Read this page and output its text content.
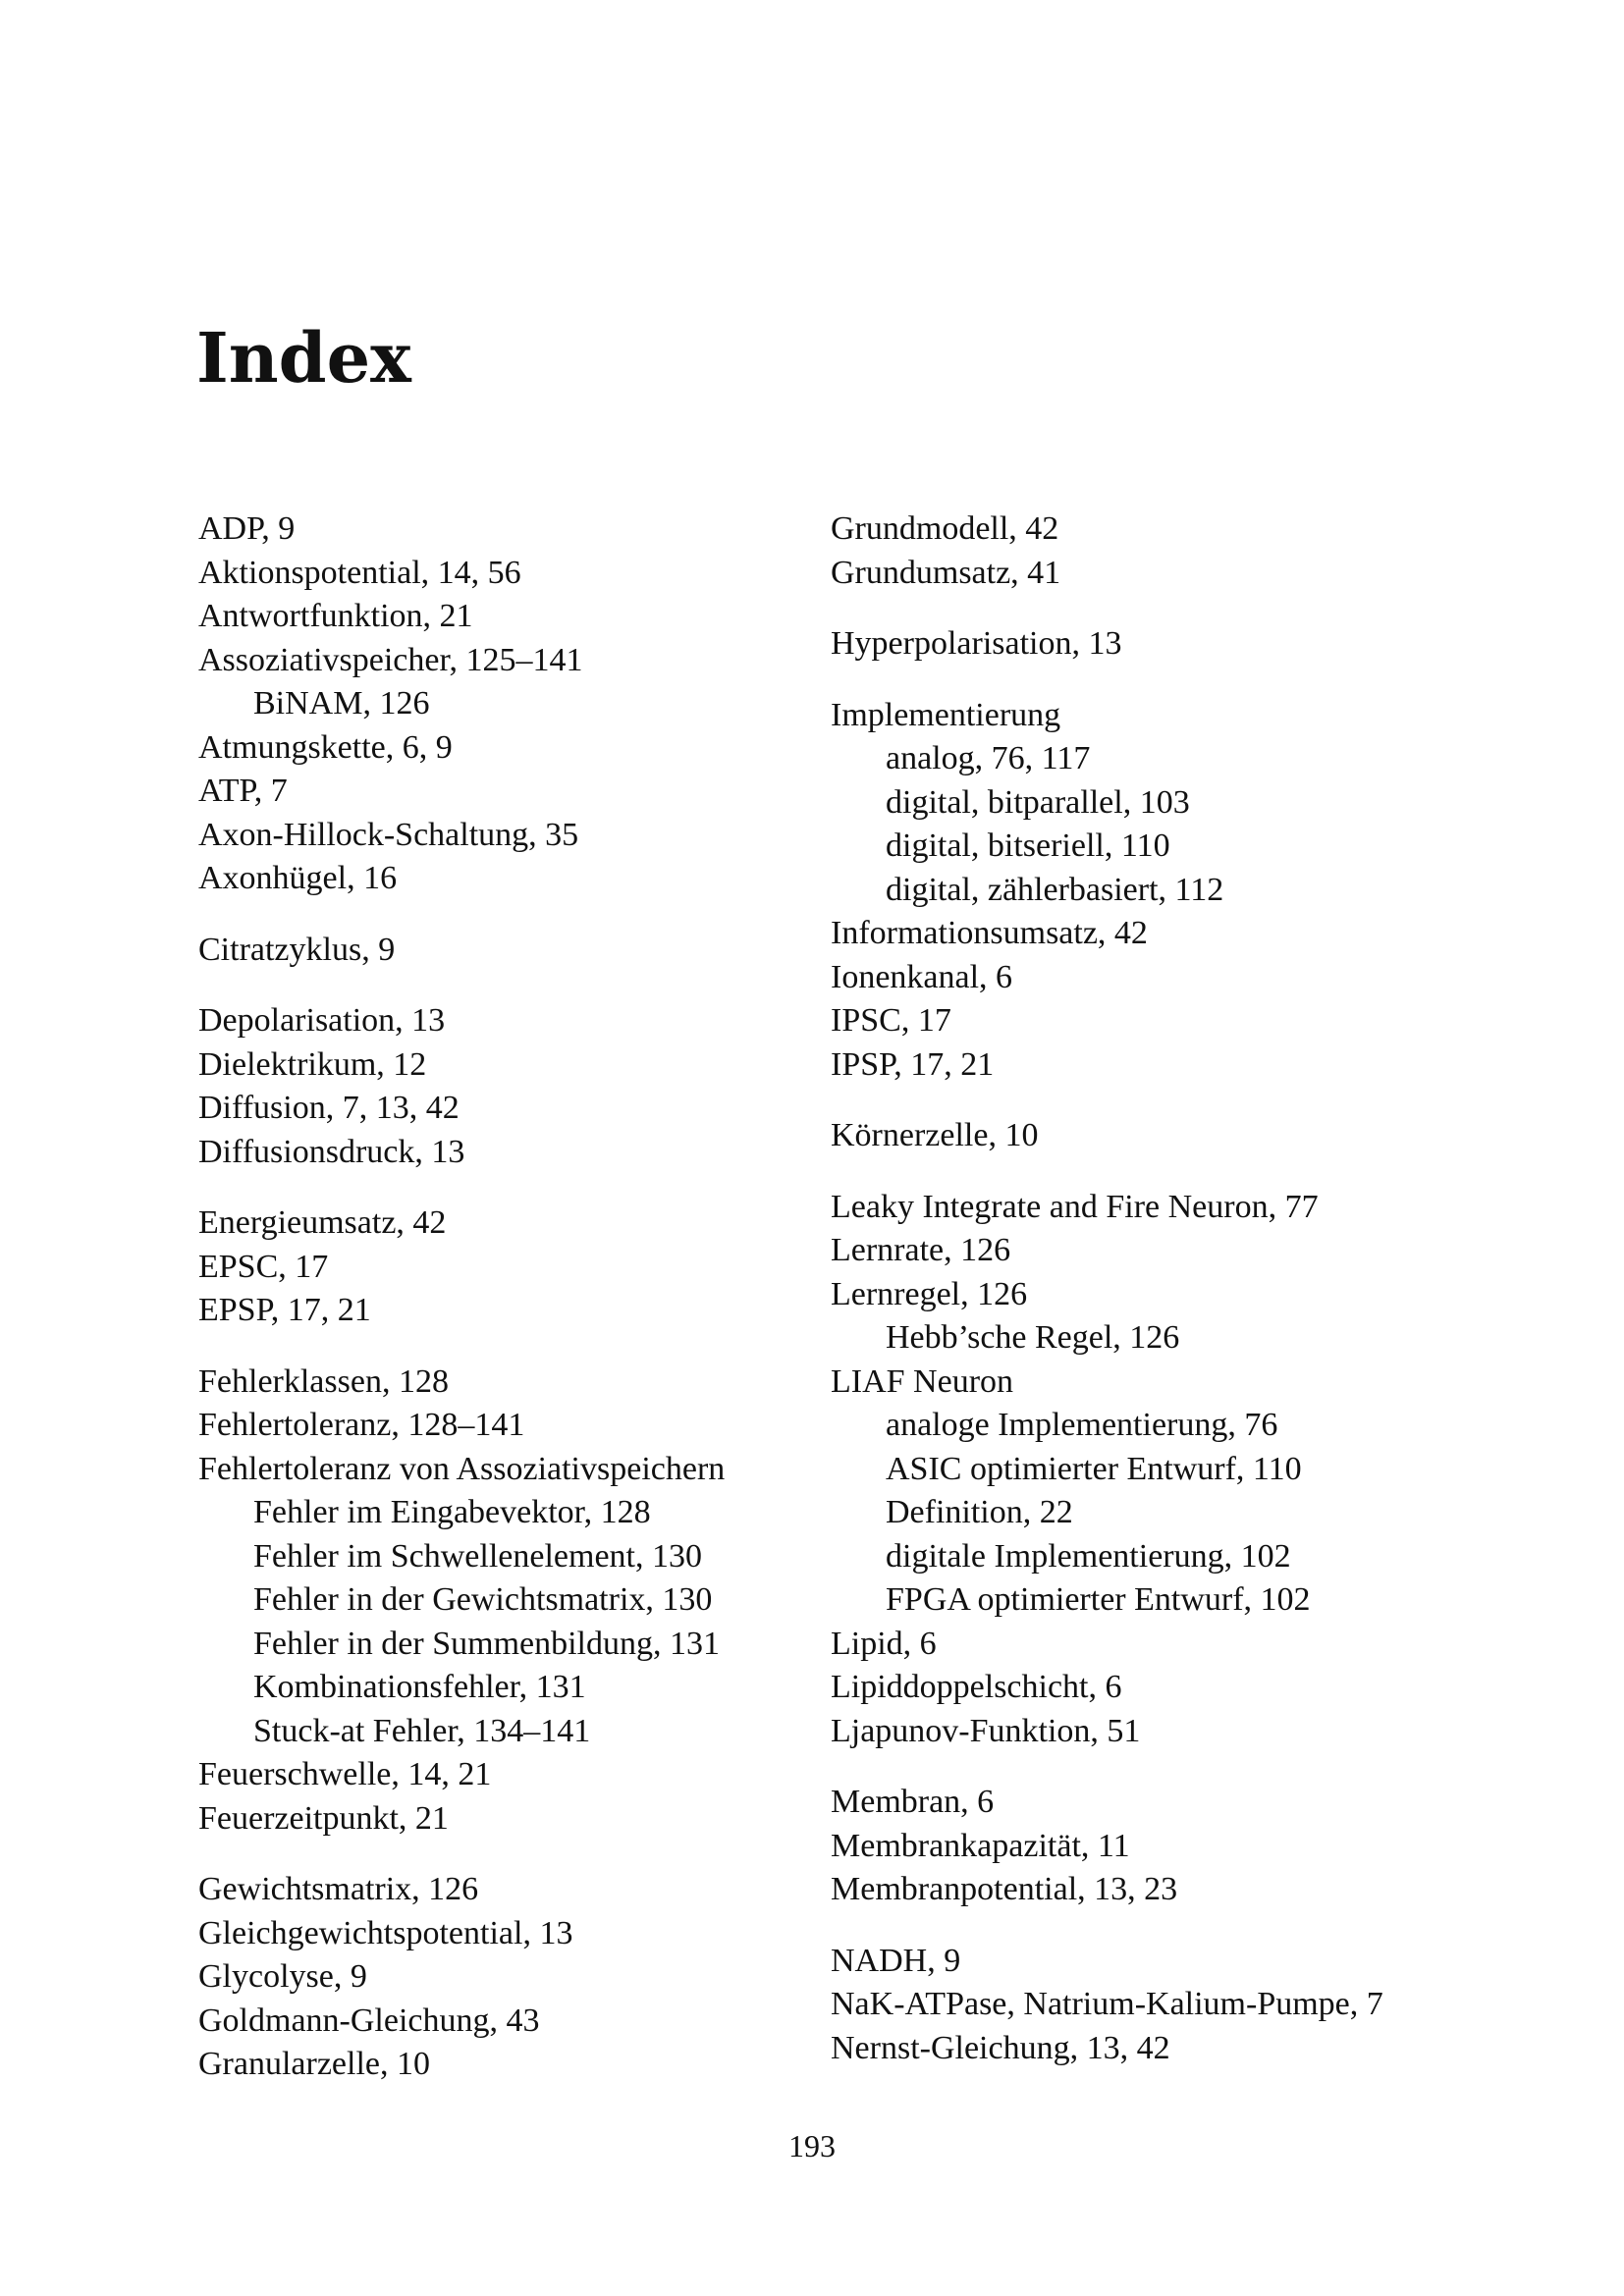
Index
ADP, 9
Aktionspotential, 14, 56
Antwortfunktion, 21
Assoziativspeicher, 125–141
BiNAM, 126
Atmungskette, 6, 9
ATP, 7
Axon-Hillock-Schaltung, 35
Axonhügel, 16
Citratzyklus, 9
Depolarisation, 13
Dielektrikum, 12
Diffusion, 7, 13, 42
Diffusionsdruck, 13
Energieumsatz, 42
EPSC, 17
EPSP, 17, 21
Fehlerklassen, 128
Fehlertoleranz, 128–141
Fehlertoleranz von Assoziativspeichern
Fehler im Eingabevektor, 128
Fehler im Schwellenelement, 130
Fehler in der Gewichtsmatrix, 130
Fehler in der Summenbildung, 131
Kombinationsfehler, 131
Stuck-at Fehler, 134–141
Feuerschwelle, 14, 21
Feuerzeitpunkt, 21
Gewichtsmatrix, 126
Gleichgewichtspotential, 13
Glycolyse, 9
Goldmann-Gleichung, 43
Granularzelle, 10
Grundmodell, 42
Grundumsatz, 41
Hyperpolarisation, 13
Implementierung
analog, 76, 117
digital, bitparallel, 103
digital, bitseriell, 110
digital, zählerbasiert, 112
Informationsumsatz, 42
Ionenkanal, 6
IPSC, 17
IPSP, 17, 21
Körnerzelle, 10
Leaky Integrate and Fire Neuron, 77
Lernrate, 126
Lernregel, 126
Hebb’sche Regel, 126
LIAF Neuron
analoge Implementierung, 76
ASIC optimierter Entwurf, 110
Definition, 22
digitale Implementierung, 102
FPGA optimierter Entwurf, 102
Lipid, 6
Lipiddoppelschicht, 6
Ljapunov-Funktion, 51
Membran, 6
Membrankapazität, 11
Membranpotential, 13, 23
NADH, 9
NaK-ATPase, Natrium-Kalium-Pumpe, 7
Nernst-Gleichung, 13, 42
193
